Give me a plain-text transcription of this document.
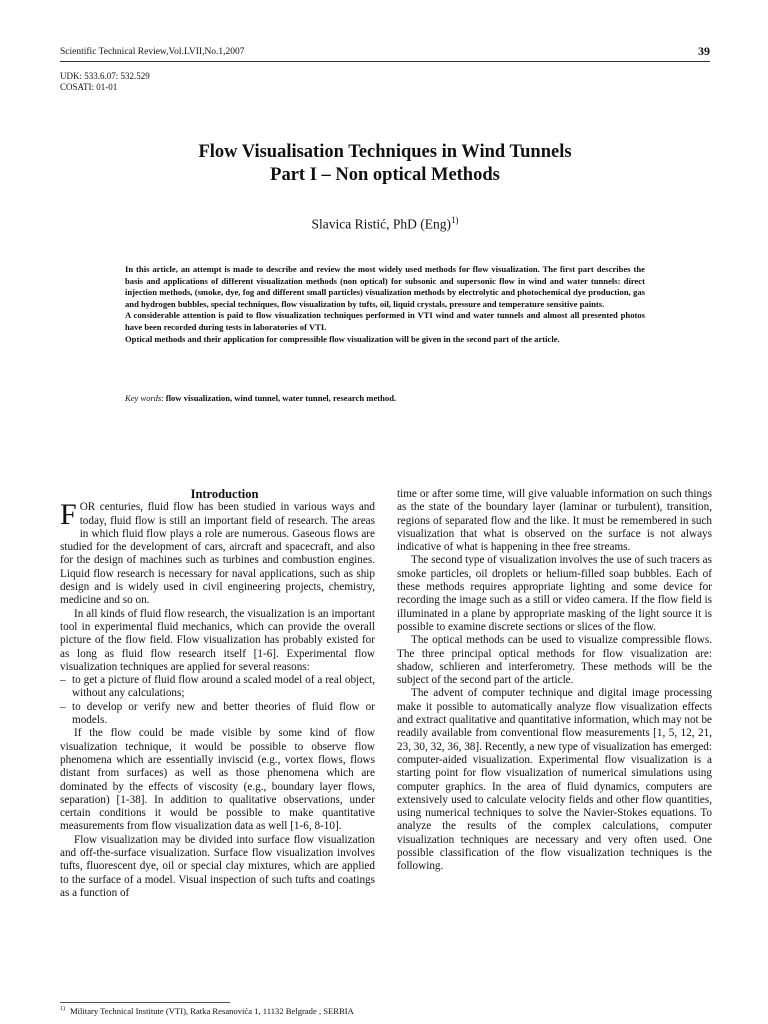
Scientific Technical Review,Vol.LVII,No.1,2007	39
UDK: 533.6.07: 532.529
COSATI: 01-01
Flow Visualisation Techniques in Wind Tunnels
Part I – Non optical Methods
Slavica Ristić, PhD (Eng)$^{1)}$

In this article, an attempt is made to describe and review the most widely used methods for flow visualization. The first part describes the basis and applications of different visualization methods (non optical) for subsonic and supersonic flow in wind and water tunnels: direct injection methods, (smoke, dye, fog and different small particles) visualization methods by electrolytic and photochemical dye production, gas and hydrogen bubbles, special techniques, flow visualization by tufts, oil, liquid crystals, pressure and temperature sensitive paints.

A considerable attention is paid to flow visualization techniques performed in VTI wind and water tunnels and almost all presented photos have been recorded during tests in laboratories of VTI.

Optical methods and their application for compressible flow visualization will be given in the second part of the article.

Key words: flow visualization, wind tunnel, water tunnel, research method.

Introduction

FOR centuries, fluid flow has been studied in various ways and today, fluid flow is still an important field of research. The areas in which fluid flow plays a role are numerous. Gaseous flows are studied for the development of cars, aircraft and spacecraft, and also for the design of machines such as turbines and combustion engines. Liquid flow research is necessary for naval applications, such as ship design and is widely used in civil engineering projects, chemistry, medicine and so on.

In all kinds of fluid flow research, the visualization is an important tool in experimental fluid mechanics, which can provide the overall picture of the flow field. Flow visualization has probably existed for as long as fluid flow research itself [1-6]. Experimental flow visualization techniques are applied for several reasons:

– to get a picture of fluid flow around a scaled model of a real object, without any calculations;

– to develop or verify new and better theories of fluid flow or models.

If the flow could be made visible by some kind of flow visualization technique, it would be possible to observe flow phenomena which are essentially inviscid (e.g., vortex flows, flows distant from surfaces) as well as those phenomena which are dominated by the effects of viscosity (e.g., boundary layer flows, separation) [1-38]. In addition to qualitative observations, under certain conditions it would be possible to make quantitative measurements from flow visualization data as well [1-6, 8-10].

Flow visualization may be divided into surface flow visualization and off-the-surface visualization. Surface flow visualization involves tufts, fluorescent dye, oil or special clay mixtures, which are applied to the surface of a model. Visual inspection of such tufts and coatings as a function of

time or after some time, will give valuable information on such things as the state of the boundary layer (laminar or turbulent), transition, regions of separated flow and the like. It must be remembered in such visualization that what is observed on the surface is not always indicative of what is happening in thee free streams.

The second type of visualization involves the use of such tracers as smoke particles, oil droplets or helium-filled soap bubbles. Each of these methods requires appropriate lighting and some device for recording the image such as a still or video camera. If the flow field is illuminated in a plane by appropriate masking of the light source it is possible to examine discrete sections or slices of the flow.

The optical methods can be used to visualize compressible flows. The three principal optical methods for flow visualization are: shadow, schlieren and interferometry. These methods will be the subject of the second part of the article.

The advent of computer technique and digital image processing make it possible to automatically analyze flow visualization effects and extract qualitative and quantitative information, which may not be readily available from conventional flow measurements [1, 5, 12, 21, 23, 30, 32, 36, 38]. Recently, a new type of visualization has emerged: computer-aided visualization. Experimental flow visualization is a starting point for flow visualization of numerical simulations using computer graphics. In the area of fluid dynamics, computers are extensively used to calculate velocity fields and other flow quantities, using numerical techniques to solve the Navier-Stokes equations. To analyze the results of the complex calculations, computer visualization techniques are necessary and very often used. One possible classification of the flow visualization techniques is the following.

$^{1)}$ Military Technical Institute (VTI), Ratka Resanovića 1, 11132 Belgrade , SERBIA
